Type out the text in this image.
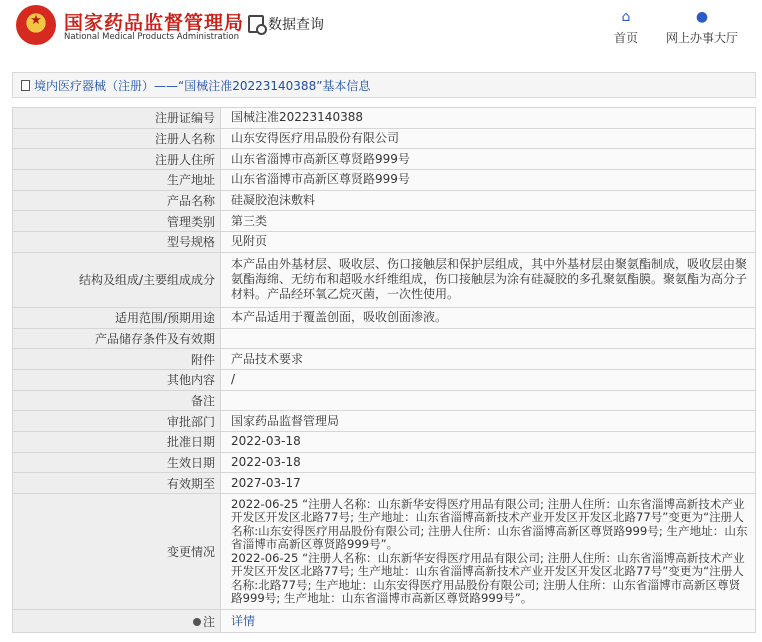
★	国家药品监督管理局
National Medical Products Administration
数据查询	⌂
首页
●
网上办事大厅
境内医疗器械（注册）——“国械注准20223140388”基本信息
注册证编号	国械注准20223140388
注册人名称	山东安得医疗用品股份有限公司
注册人住所	山东省淄博市高新区尊贤路999号
生产地址	山东省淄博市高新区尊贤路999号
产品名称	硅凝胶泡沫敷料
管理类别	第三类
型号规格	见附页
结构及组成/主要组成成分	本产品由外基材层、吸收层、伤口接触层和保护层组成，其中外基材层由聚氨酯制成，吸收层由聚氨酯海绵、无纺布和超吸水纤维组成，伤口接触层为涂有硅凝胶的多孔聚氨酯膜。聚氨酯为高分子材料。产品经环氧乙烷灭菌，一次性使用。
适用范围/预期用途	本产品适用于覆盖创面，吸收创面渗液。
产品储存条件及有效期	
附件	产品技术要求
其他内容	/
备注	
审批部门	国家药品监督管理局
批准日期	2022-03-18
生效日期	2022-03-18
有效期至	2027-03-17
变更情况	2022-06-25 “注册人名称：山东新华安得医疗用品有限公司; 注册人住所：山东省淄博高新技术产业开发区开发区北路77号; 生产地址：山东省淄博高新技术产业开发区开发区北路77号”变更为“注册人名称:山东安得医疗用品股份有限公司; 注册人住所：山东省淄博高新区尊贤路999号; 生产地址：山东省淄博市高新区尊贤路999号”。
2022-06-25 “注册人名称：山东新华安得医疗用品有限公司; 注册人住所：山东省淄博高新技术产业开发区开发区北路77号; 生产地址：山东省淄博高新技术产业开发区开发区北路77号”变更为“注册人名称:北路77号; 生产地址：山东安得医疗用品股份有限公司; 注册人住所：山东省淄博市高新区尊贤路999号; 生产地址：山东省淄博市高新区尊贤路999号”。

注	详情
